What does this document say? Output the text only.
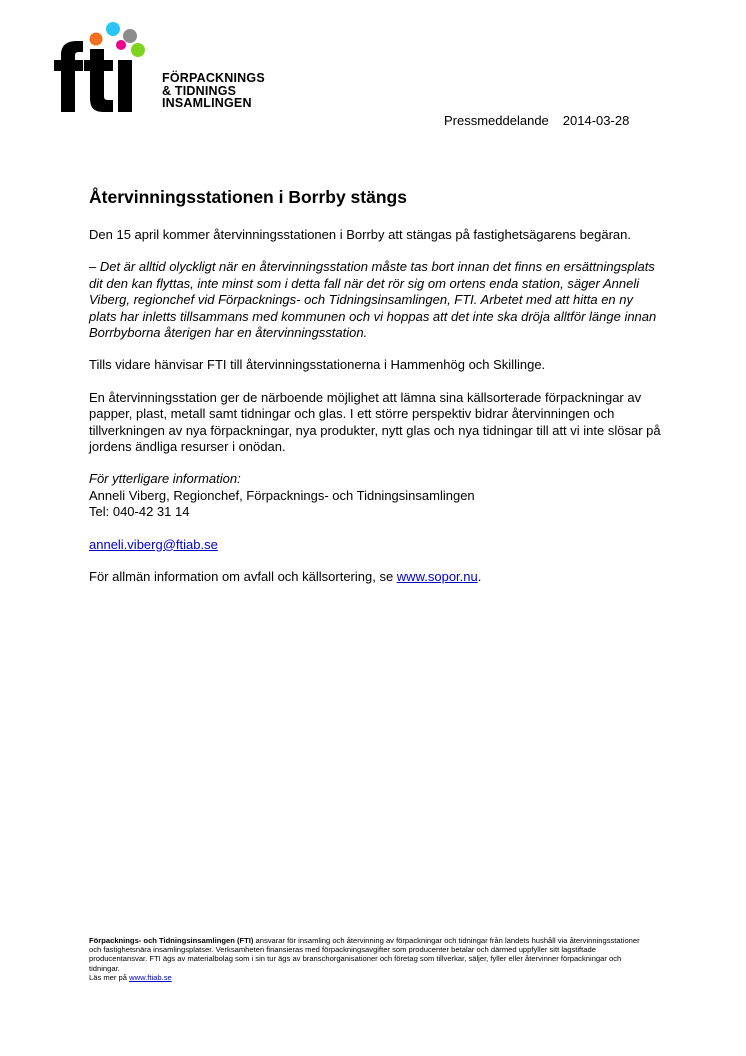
FÖRPACKNINGS
& TIDNINGS
INSAMLINGEN
Pressmeddelande 2014-03-28
Återvinningsstationen i Borrby stängs

Den 15 april kommer återvinningsstationen i Borrby att stängas på fastighetsägarens begäran.

– Det är alltid olyckligt när en återvinningsstation måste tas bort innan det finns en ersättningsplats dit den kan flyttas, inte minst som i detta fall när det rör sig om ortens enda station, säger Anneli Viberg, regionchef vid Förpacknings- och Tidningsinsamlingen, FTI. Arbetet med att hitta en ny plats har inletts tillsammans med kommunen och vi hoppas att det inte ska dröja alltför länge innan Borrbyborna återigen har en återvinningsstation.

Tills vidare hänvisar FTI till återvinningsstationerna i Hammenhög och Skillinge.

En återvinningsstation ger de närboende möjlighet att lämna sina källsorterade förpackningar av papper, plast, metall samt tidningar och glas. I ett större perspektiv bidrar återvinningen och tillverkningen av nya förpackningar, nya produkter, nytt glas och nya tidningar till att vi inte slösar på jordens ändliga resurser i onödan.

För ytterligare information:

Anneli Viberg, Regionchef, Förpacknings- och Tidningsinsamlingen

Tel: 040-42 31 14

anneli.viberg@ftiab.se

För allmän information om avfall och källsortering, se www.sopor.nu.

Förpacknings- och Tidningsinsamlingen (FTI) ansvarar för insamling och återvinning av förpackningar och tidningar från landets hushåll via återvinningsstationer och fastighetsnära insamlingsplatser. Verksamheten finansieras med förpackningsavgifter som producenter betalar och därmed uppfyller sitt lagstiftade producentansvar. FTI ägs av materialbolag som i sin tur ägs av branschorganisationer och företag som tillverkar, säljer, fyller eller återvinner förpackningar och tidningar.
Läs mer på www.ftiab.se
